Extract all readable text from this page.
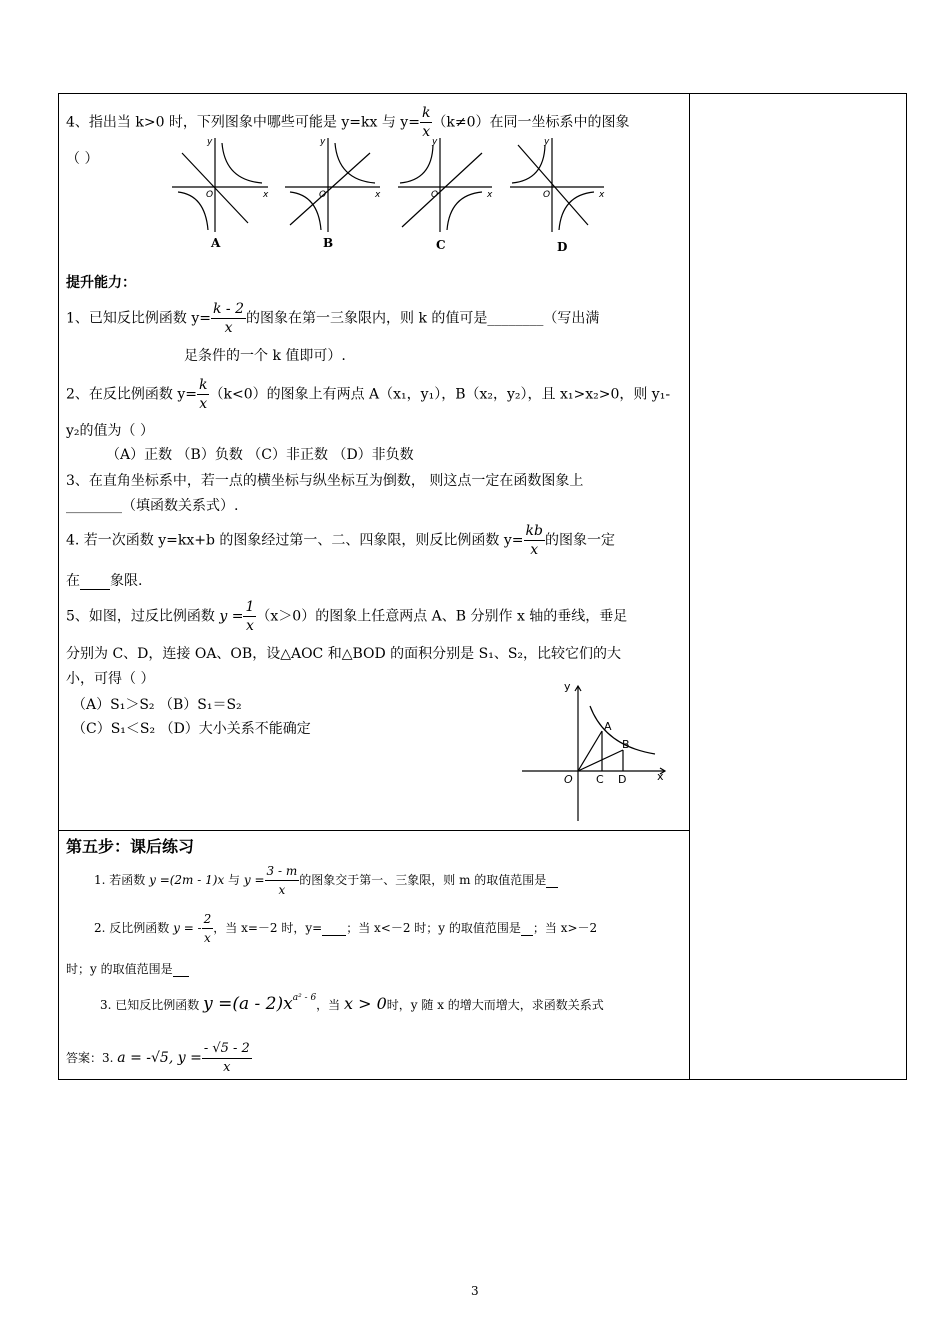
4、指出当 k>0 时，下列图象中哪些可能是 y=kx 与 $y= \frac{k}{x} (k\ne 0)$在同一坐标系中的图象
（ ）
y
x
O
y
x
O
y
x
O
y
x
O
A	B	C	D
提升能力：
1、已知反比例函数 $y= \frac{k - 2}{x}$ 的图象在第一三象限内，则 k 的值可是________（写出满
足条件的一个 k 值即可）.
2、在反比例函数 $y= \frac{k}{x} (k<0)$的图象上有两点 A（x₁，y₁），B（x₂，y₂），且 x₁>x₂>0，则 y₁-
y₂的值为（ ）
（A）正数 （B）负数 （C）非正数 （D）非负数
3、在直角坐标系中，若一点的横坐标与纵坐标互为倒数， 则这点一定在函数图象上
________（填函数关系式）.
4. 若一次函数 y=kx+b 的图象经过第一、二、四象限，则反比例函数 $y= \frac{kb}{x}$ 的图象一定
在 象限.
5、如图，过反比例函数 $y = \frac{1}{x} (x>0)$的图象上任意两点 A、B 分别作 x 轴的垂线，垂足
分别为 C、D，连接 OA、OB，设△AOC 和△BOD 的面积分别是 S₁、S₂，比较它们的大
小，可得（ ）
（A）S₁＞S₂ （B）S₁＝S₂
（C）S₁＜S₂ （D）大小关系不能确定
y
x
O
A
B
C D
第五步：课后练习
1. 若函数 y =(2m - 1)x 与 $y = \frac{3 - m}{x}$ 的图象交于第一、三象限，则 m 的取值范围是
2. 反比例函数 y = - $\frac{2}{x}$ ，当 x=－2 时，y= ；当 x<－2 时；y 的取值范围是 ；当 x>－2
时；y 的取值范围是
3. 已知反比例函数 $y =(a - 2)x^{a^2 - 6}$，当 x > 0时，y 随 x 的增大而增大，求函数关系式
答案：3. a = -√5, $y = \frac{- √5 - 2}{x}$
3
